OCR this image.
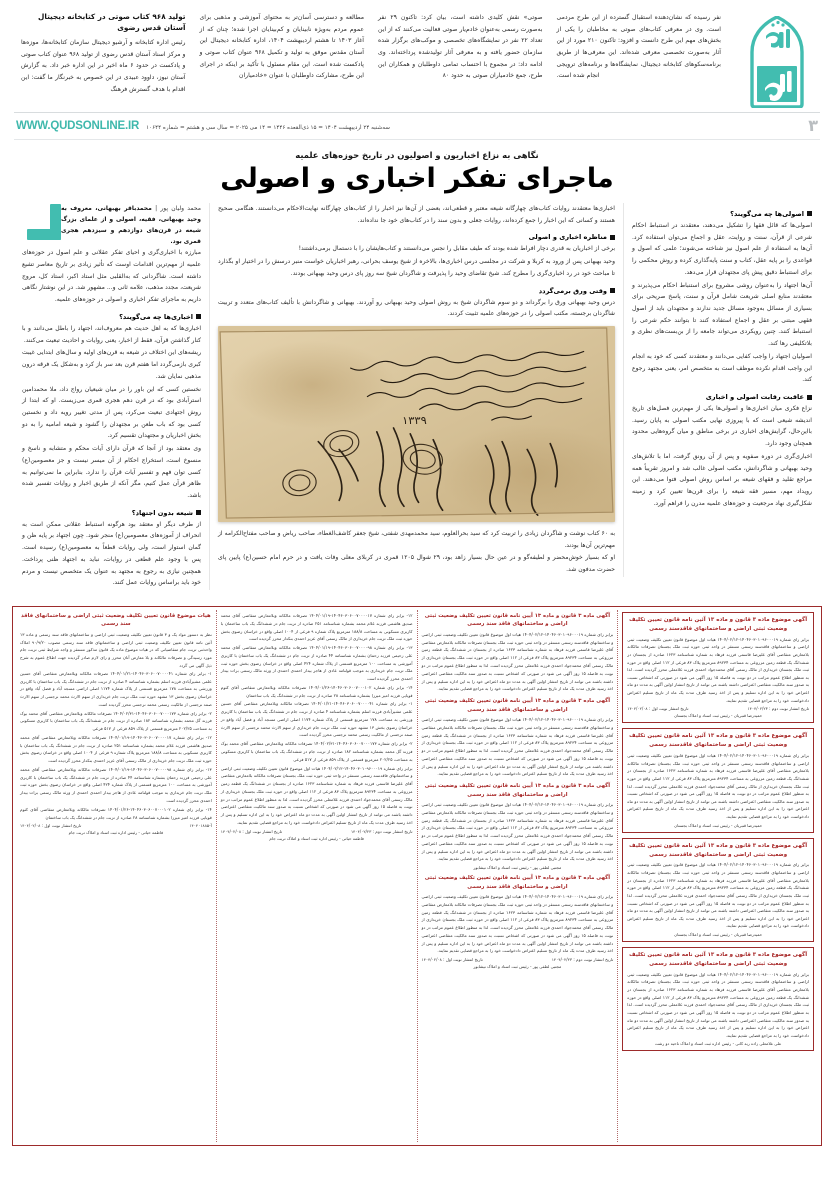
نفر رسیده که نشان‌دهنده استقبال گسترده از این طرح مردمی است. وی در معرفی کتاب‌های صوتی به مخاطبان را یکی از بخش‌های مهم این طرح دانست و افزود: تاکنون ۲۱۰ مورد از این آثار به‌صورت تخصصی معرفی شده‌اند. این معرفی‌ها از طریق برنامه‌سکوهای کتابخانه دیجیتال، نمایشگاه‌ها و برنامه‌های ترویجی انجام شده است.
صوتی» نقش کلیدی داشته است، بیان کرد: تاکنون ۲۹ نفر به‌صورت رسمی به‌عنوان خادم‌یار صوتی فعالیت می‌کنند که از این تعداد ۲۲ نفر در نمایشگاه‌های تخصصی و موکب‌های برگزار شده سازمان حضور یافته و به معرفی آثار تولیدشده پرداخته‌اند. وی ادامه داد: در مجموع با احتساب تمامی داوطلبان و همکاران این طرح، جمع خادمیاران صوتی به حدود ۸۰
مطالعه و دسترسی آسان‌تر به محتوای آموزشی و مذهبی برای عموم مردم به‌ویژه نابینایان و کم‌بینایان اجرا شده؛ چنان که از آغاز ۱۴۰۳ تا هشتم اردیبهشت ۱۴۰۴، اداره کتابخانه دیجیتال این آستان مقدس موفق به تولید و تکمیل ۹۶۸ عنوان کتاب صوتی و پادکست شده است. این مقام مسئول با تأکید بر اینکه در اجرای این طرح، مشارکت داوطلبان با عنوان «خادمیاران
تولید ۹۶۸ کتاب صوتی در کتابخانه دیجیتال آستان قدس رضوی
رئیس اداره کتابخانه و آرشیو دیجیتال سازمان کتابخانه‌ها، موزه‌ها و مرکز اسناد آستان قدس رضوی از تولید ۹۶۸ عنوان کتاب صوتی و پادکست در حدود ۶ ماه اخیر در این اداره خبر داد. به گزارش آستان نیوز، داوود عبیدی در این خصوص به خبرنگار ما گفت: این اقدام با هدف گسترش فرهنگ
۳
WWW.QUDSONLINE.IR سه‌شنبه ۲۴ اردیبهشت ۱۴۰۴ = ۱۵ ذی‌القعده ۱۴۴۶ = ۱۴ می ۲۰۲۵ = سال سی و هشتم = شماره ۱۰۶۴۴
نگاهی به نزاع اخباریون و اصولیون در تاریخ حوزه‌های علمیه
ماجرای تفکر اخباری و اصولی
اصولی‌ها چه می‌گویند؟
اصولی‌ها که قائل فقها را تشکیل می‌دهند، معتقدند در استنباط احکام شرعی از قرآن، سنت و روایت، عقل و اجماع می‌توان استفاده کرد. آن‌ها به استفاده از علم اصول نیز شناخته می‌شوند؛ علمی که اصول و قواعدی را بر پایه عقل، کتاب و سنت پایه‌گذاری کرده و روش محکمی را برای استنباط دقیق پیش پای مجتهدان قرار می‌دهد.
آن‌ها اجتهاد را به‌عنوان روشی مشروع برای استنباط احکام می‌پذیرند و معتقدند منابع اصلی شریعت شامل قرآن و سنت، پاسخ صریحی برای بسیاری از مسائل به‌وجود مسائل جدید ندارند و مجتهدان باید از اصول فقهی مبتنی بر عقل و اجماع استفاده کنند تا بتوانند حکم شرعی را استنباط کنند. چنین رویکردی می‌تواند جامعه را از بن‌بست‌های نظری و بلاتکلیفی رها کند.
اصولیان اجتهاد را واجب کفایی می‌دانند و معتقدند کسی که خود به انجام این واجب اقدام نکرده موظف است به متخصص امر، یعنی مجتهد رجوع کند.
عاقبت رقابت اصولی و اخباری
نزاع فکری میان اخباری‌ها و اصولی‌ها یکی از مهم‌ترین فصل‌های تاریخ اندیشه شیعی است که با پیروزی نهایی مکتب اصولی به پایان رسید. بااین‌حال، گرایش‌های اخباری در برخی مناطق و میان گروه‌هایی محدود همچنان وجود دارد.
اخباری‌گری در دوره صفویه و پس از آن رونق گرفت، اما با تلاش‌های وحید بهبهانی و شاگردانش، مکتب اصولی غالب شد و امروز تقریباً همه مراجع تقلید و فقهای شیعه بر اساس روش اصولی فتوا می‌دهند. این رویداد مهم، مسیر فقه شیعه را برای قرن‌ها تعیین کرد و زمینه شکل‌گیری نهاد مرجعیت و حوزه‌های علمیه مدرن را فراهم آورد.
اخباری‌ها معتقدند روایات کتاب‌های چهارگانه شیعه معتبر و قطعی‌اند، بعضی از آن‌ها نیز اخبار را از کتاب‌های چهارگانه نهایت‌الاحکام می‌دانستند. هنگامی صحیح هستند و کسانی که این اخبار را جمع کرده‌اند، روایات جعلی و بدون سند را در کتاب‌های خود جا نداده‌اند.
مناظره اخباری و اصولی
برخی از اخباریان به قدری دچار افراط شده بودند که طیف مقابل را نجس می‌دانستند و کتاب‌هایشان را با دستمال برمی‌داشتند!
وحید بهبهانی پس از ورود به کربلا و شرکت در مجلسی درس اخباری‌ها، بالاخره از شیخ یوسف بحرانی، رهبر اخباریان خواست منبر درسش را در اختیار او بگذارد تا مباحث خود در رد اخباری‌گری را مطرح کند. شیخ تقاضای وحید را پذیرفت و شاگردان شیخ سه روز پای درس وحید بهبهانی بودند.
وقتی ورق برمی‌گردد
درس وحید بهبهانی ورق را برگرداند و دو سوم شاگردان شیخ به روش اصولی وحید بهبهانی رو آوردند. بهبهانی و شاگردانش با تألیف کتاب‌های متعدد و تربیت شاگردان برجسته، مکتب اصولی را در حوزه‌های علمیه تثبیت کردند.
۱۳۳۹
به ۶۰ کتاب نوشت و شاگردان زیادی را تربیت کرد که سید بحرالعلوم، سید محمدمهدی شفتی، شیخ جعفر کاشف‌الغطاء، صاحب ریاض و صاحب مفتاح‌الکرامه از مهم‌ترین آن‌ها بودند.
او که بسیار خوش‌محضر و لطیفه‌گو و در عین حال بسیار زاهد بود، ۲۹ شوال ۱۲۰۵ قمری در کربلای معلی وفات یافت و در حرم امام حسین(ع) پایین پای حضرت مدفون شد.
محمد ولیان پور | محمدباقر بهبهانی، معروف به وحید بهبهانی، فقیه، اصولی و از علمای بزرگ شیعه در قرن‌های دوازدهم و سیزدهم هجری قمری بود.
مبارزه با اخباری‌گری و احیای تفکر عقلانی و علم اصول در حوزه‌های علمیه از مهم‌ترین اقدامات اوست که تأثیر زیادی بر تاریخ معاصر تشیع داشته است. شاگردانی که به‌القلبی مثل استاد اکبر، استاد کل، مروج شریعت، مجدد مذهب، علامه ثانی و... مشهور شد. در این نوشتار نگاهی داریم به ماجرای تفکر اخباری و اصولی در حوزه‌های علمیه.
اخباری‌ها چه می‌گویند؟
اخباری‌ها که به اهل حدیث هم معروف‌اند، اجتهاد را باطل می‌دانند و با کنار گذاشتن قرآن، فقط از اخبار، یعنی روایات و احادیث تبعیت می‌کنند.
ریشه‌های این اختلاف در شیعه به قرن‌های اولیه و سال‌های ابتدایی غیبت کبری بازمی‌گردد اما هفتم قرن بعد سر باز کرد و به‌شکل یک فرقه درون مذهبی نمایان شد.
نخستین کسی که این باور را در میان شیعیان رواج داد، ملا محمدامین استرآبادی بود که در قرن دهم هجری قمری می‌زیست. او که ابتدا از روش اجتهادی تبعیت می‌کرد، پس از مدتی تغییر رویه داد و نخستین کسی بود که باب طعن بر مجتهدان را گشود و شیعه امامیه را به دو بخش اخباریان و مجتهدان تقسیم کرد.
وی معتقد بود از آنجا که قرآن دارای آیات محکم و متشابه و ناسخ و منسوخ است، استخراج احکام از آن میسر نیست و جز معصومین(ع) کسی توان فهم و تفسیر آیات قرآن را ندارد. بنابراین ما نمی‌توانیم به ظاهر قرآن عمل کنیم، مگر آنکه از طریق اخبار و روایات تفسیر شده باشد.
شیعه بدون اجتهاد؟
از طرف دیگر او معتقد بود هرگونه استنباط عقلانی ممکن است به انحراف از آموزه‌های معصومین(ع) منجر شود. چون اجتهاد بر پایه ظن و گمان استوار است، ولی روایات قطعاً به معصومین(ع) رسیده است. پس با وجود علم قطعی در روایات، نباید به اجتهاد ظنی پرداخت. همچنین نیازی به رجوع به مجتهد به عنوان یک متخصص نیست و مردم خود باید براساس روایات عمل کنند.
آگهی موضوع ماده ۳ قانون و ماده ۱۳ آئین نامه قانون تعیین تکلیف وضعیت ثبتی اراضی و ساختمانهای فاقدسند رسمی
برابر رای شماره ۱۴۰۴۶۰۳۰۱۰۹۶۰۰۰۱۹-۱۴۰۴/۰۲/۱۲ هیات اول موضوع قانون تعیین تکلیف وضعیت ثبتی اراضی و ساختمانهای فاقدسند رسمی مستقر در واحد ثبتی حوزه ثبت ملک بجستان تصرفات مالکانه بلامعارض متقاضی آقای علیرضا قاسمی فرزند فرهاد به شماره شناسنامه ۱۶۲۳ صادره از بجستان در ششدانگ یک قطعه زمین مزروعی به مساحت ۸۹۲۳۴ مترمربع پلاک ۸۳ فرعی از ۱۱۲ اصلی واقع در حوزه ثبت ملک بجستان خریداری از مالک رسمی آقای محمدجواد احمدی فرزند غلامعلی محرز گردیده است. لذا به منظور اطلاع عموم مراتب در دو نوبت به فاصله ۱۵ روز آگهی می شود در صورتی که اشخاص نسبت به صدور سند مالکیت متقاضی اعتراضی داشته باشند می توانند از تاریخ انتشار اولین آگهی به مدت دو ماه اعتراض خود را به این اداره تسلیم و پس از اخذ رسید ظرف مدت یک ماه از تاریخ تسلیم اعتراض دادخواست خود را به مراجع قضایی تقدیم نمایند.
تاریخ انتشار نوبت دوم : ۱۴۰۴/۰۲/۲۳
تاریخ انتشار نوبت اول : ۱۴۰۴/۰۲/۰۸
حمیدرضا قنبریان - رئیس ثبت اسناد و املاک بجستان
آگهی موضوع ماده ۳ قانون و ماده ۱۳ آئین نامه قانون تعیین تکلیف وضعیت ثبتی اراضی و ساختمانهای فاقدسند رسمی
برابر رای شماره ۱۴۰۴۶۰۳۰۱۰۹۶۰۰۰۱۹-۱۴۰۴/۰۲/۱۲ هیات اول موضوع قانون تعیین تکلیف وضعیت ثبتی اراضی و ساختمانهای فاقدسند رسمی مستقر در واحد ثبتی حوزه ثبت ملک بجستان تصرفات مالکانه بلامعارض متقاضی آقای علیرضا قاسمی فرزند فرهاد به شماره شناسنامه ۱۶۲۳ صادره از بجستان در ششدانگ یک قطعه زمین مزروعی به مساحت ۸۹۲۳۴ مترمربع پلاک ۸۳ فرعی از ۱۱۲ اصلی واقع در حوزه ثبت ملک بجستان خریداری از مالک رسمی آقای محمدجواد احمدی فرزند غلامعلی محرز گردیده است. لذا به منظور اطلاع عموم مراتب در دو نوبت به فاصله ۱۵ روز آگهی می شود در صورتی که اشخاص نسبت به صدور سند مالکیت متقاضی اعتراضی داشته باشند می توانند از تاریخ انتشار اولین آگهی به مدت دو ماه اعتراض خود را به این اداره تسلیم و پس از اخذ رسید ظرف مدت یک ماه از تاریخ تسلیم اعتراض دادخواست خود را به مراجع قضایی تقدیم نمایند.
حمیدرضا قنبریان - رئیس ثبت اسناد و املاک بجستان
آگهی موضوع ماده ۳ قانون و ماده ۱۳ آئین نامه قانون تعیین تکلیف وضعیت ثبتی اراضی و ساختمانهای فاقدسند رسمی
برابر رای شماره ۱۴۰۴۶۰۳۰۱۰۹۶۰۰۰۱۹-۱۴۰۴/۰۲/۱۲ هیات اول موضوع قانون تعیین تکلیف وضعیت ثبتی اراضی و ساختمانهای فاقدسند رسمی مستقر در واحد ثبتی حوزه ثبت ملک بجستان تصرفات مالکانه بلامعارض متقاضی آقای علیرضا قاسمی فرزند فرهاد به شماره شناسنامه ۱۶۲۳ صادره از بجستان در ششدانگ یک قطعه زمین مزروعی به مساحت ۸۹۲۳۴ مترمربع پلاک ۸۳ فرعی از ۱۱۲ اصلی واقع در حوزه ثبت ملک بجستان خریداری از مالک رسمی آقای محمدجواد احمدی فرزند غلامعلی محرز گردیده است. لذا به منظور اطلاع عموم مراتب در دو نوبت به فاصله ۱۵ روز آگهی می شود در صورتی که اشخاص نسبت به صدور سند مالکیت متقاضی اعتراضی داشته باشند می توانند از تاریخ انتشار اولین آگهی به مدت دو ماه اعتراض خود را به این اداره تسلیم و پس از اخذ رسید ظرف مدت یک ماه از تاریخ تسلیم اعتراض دادخواست خود را به مراجع قضایی تقدیم نمایند.
حمیدرضا قنبریان - رئیس ثبت اسناد و املاک بجستان
آگهی موضوع ماده ۳ قانون و ماده ۱۳ آئین نامه قانون تعیین تکلیف وضعیت ثبتی اراضی و ساختمانهای فاقدسند رسمی
برابر رای شماره ۱۴۰۴۶۰۳۰۱۰۹۶۰۰۰۱۹-۱۴۰۴/۰۲/۱۲ هیات اول موضوع قانون تعیین تکلیف وضعیت ثبتی اراضی و ساختمانهای فاقدسند رسمی مستقر در واحد ثبتی حوزه ثبت ملک بجستان تصرفات مالکانه بلامعارض متقاضی آقای علیرضا قاسمی فرزند فرهاد به شماره شناسنامه ۱۶۲۳ صادره از بجستان در ششدانگ یک قطعه زمین مزروعی به مساحت ۸۹۲۳۴ مترمربع پلاک ۸۳ فرعی از ۱۱۲ اصلی واقع در حوزه ثبت ملک بجستان خریداری از مالک رسمی آقای محمدجواد احمدی فرزند غلامعلی محرز گردیده است. لذا به منظور اطلاع عموم مراتب در دو نوبت به فاصله ۱۵ روز آگهی می شود در صورتی که اشخاص نسبت به صدور سند مالکیت متقاضی اعتراضی داشته باشند می توانند از تاریخ انتشار اولین آگهی به مدت دو ماه اعتراض خود را به این اداره تسلیم و پس از اخذ رسید ظرف مدت یک ماه از تاریخ تسلیم اعتراض دادخواست خود را به مراجع قضایی تقدیم نمایند.
علی غلامعلی زاده ربه کانی - رئیس اداره ثبت اسناد و املاک ناحیه دو رشت
آگهی ماده ۳ قانون و ماده ۱۳ آیین نامه قانون تعیین تکلیف وضعیت ثبتی اراضی و ساختمانهای فاقد سند رسمی
برابر رای شماره ۱۴۰۴۶۰۳۰۱۰۹۶۰۰۰۱۹-۱۴۰۴/۰۲/۱۲ هیات اول موضوع قانون تعیین تکلیف وضعیت ثبتی اراضی و ساختمانهای فاقدسند رسمی مستقر در واحد ثبتی حوزه ثبت ملک بجستان تصرفات مالکانه بلامعارض متقاضی آقای علیرضا قاسمی فرزند فرهاد به شماره شناسنامه ۱۶۲۳ صادره از بجستان در ششدانگ یک قطعه زمین مزروعی به مساحت ۸۹۲۳۴ مترمربع پلاک ۸۳ فرعی از ۱۱۲ اصلی واقع در حوزه ثبت ملک بجستان خریداری از مالک رسمی آقای محمدجواد احمدی فرزند غلامعلی محرز گردیده است. لذا به منظور اطلاع عموم مراتب در دو نوبت به فاصله ۱۵ روز آگهی می شود در صورتی که اشخاص نسبت به صدور سند مالکیت متقاضی اعتراضی داشته باشند می توانند از تاریخ انتشار اولین آگهی به مدت دو ماه اعتراض خود را به این اداره تسلیم و پس از اخذ رسید ظرف مدت یک ماه از تاریخ تسلیم اعتراض دادخواست خود را به مراجع قضایی تقدیم نمایند.
آگهی ماده ۳ قانون و ماده ۱۳ آیین نامه قانون تعیین تکلیف وضعیت ثبتی اراضی و ساختمانهای فاقد سند رسمی
برابر رای شماره ۱۴۰۴۶۰۳۰۱۰۹۶۰۰۰۱۹-۱۴۰۴/۰۲/۱۲ هیات اول موضوع قانون تعیین تکلیف وضعیت ثبتی اراضی و ساختمانهای فاقدسند رسمی مستقر در واحد ثبتی حوزه ثبت ملک بجستان تصرفات مالکانه بلامعارض متقاضی آقای علیرضا قاسمی فرزند فرهاد به شماره شناسنامه ۱۶۲۳ صادره از بجستان در ششدانگ یک قطعه زمین مزروعی به مساحت ۸۹۲۳۴ مترمربع پلاک ۸۳ فرعی از ۱۱۲ اصلی واقع در حوزه ثبت ملک بجستان خریداری از مالک رسمی آقای محمدجواد احمدی فرزند غلامعلی محرز گردیده است. لذا به منظور اطلاع عموم مراتب در دو نوبت به فاصله ۱۵ روز آگهی می شود در صورتی که اشخاص نسبت به صدور سند مالکیت متقاضی اعتراضی داشته باشند می توانند از تاریخ انتشار اولین آگهی به مدت دو ماه اعتراض خود را به این اداره تسلیم و پس از اخذ رسید ظرف مدت یک ماه از تاریخ تسلیم اعتراض دادخواست خود را به مراجع قضایی تقدیم نمایند.
آگهی ماده ۳ قانون و ماده ۱۳ آیین نامه قانون تعیین تکلیف وضعیت ثبتی اراضی و ساختمانهای فاقد سند رسمی
برابر رای شماره ۱۴۰۴۶۰۳۰۱۰۹۶۰۰۰۱۹-۱۴۰۴/۰۲/۱۲ هیات اول موضوع قانون تعیین تکلیف وضعیت ثبتی اراضی و ساختمانهای فاقدسند رسمی مستقر در واحد ثبتی حوزه ثبت ملک بجستان تصرفات مالکانه بلامعارض متقاضی آقای علیرضا قاسمی فرزند فرهاد به شماره شناسنامه ۱۶۲۳ صادره از بجستان در ششدانگ یک قطعه زمین مزروعی به مساحت ۸۹۲۳۴ مترمربع پلاک ۸۳ فرعی از ۱۱۲ اصلی واقع در حوزه ثبت ملک بجستان خریداری از مالک رسمی آقای محمدجواد احمدی فرزند غلامعلی محرز گردیده است. لذا به منظور اطلاع عموم مراتب در دو نوبت به فاصله ۱۵ روز آگهی می شود در صورتی که اشخاص نسبت به صدور سند مالکیت متقاضی اعتراضی داشته باشند می توانند از تاریخ انتشار اولین آگهی به مدت دو ماه اعتراض خود را به این اداره تسلیم و پس از اخذ رسید ظرف مدت یک ماه از تاریخ تسلیم اعتراض دادخواست خود را به مراجع قضایی تقدیم نمایند.
مجتبی لطفی پور - رئیس ثبت اسناد و املاک نیشابور
آگهی ماده ۳ قانون و ماده ۱۳ آیین نامه قانون تعیین تکلیف وضعیت ثبتی اراضی و ساختمانهای فاقد سند رسمی
برابر رای شماره ۱۴۰۴۶۰۳۰۱۰۹۶۰۰۰۱۹-۱۴۰۴/۰۲/۱۲ هیات اول موضوع قانون تعیین تکلیف وضعیت ثبتی اراضی و ساختمانهای فاقدسند رسمی مستقر در واحد ثبتی حوزه ثبت ملک بجستان تصرفات مالکانه بلامعارض متقاضی آقای علیرضا قاسمی فرزند فرهاد به شماره شناسنامه ۱۶۲۳ صادره از بجستان در ششدانگ یک قطعه زمین مزروعی به مساحت ۸۹۲۳۴ مترمربع پلاک ۸۳ فرعی از ۱۱۲ اصلی واقع در حوزه ثبت ملک بجستان خریداری از مالک رسمی آقای محمدجواد احمدی فرزند غلامعلی محرز گردیده است. لذا به منظور اطلاع عموم مراتب در دو نوبت به فاصله ۱۵ روز آگهی می شود در صورتی که اشخاص نسبت به صدور سند مالکیت متقاضی اعتراضی داشته باشند می توانند از تاریخ انتشار اولین آگهی به مدت دو ماه اعتراض خود را به این اداره تسلیم و پس از اخذ رسید ظرف مدت یک ماه از تاریخ تسلیم اعتراض دادخواست خود را به مراجع قضایی تقدیم نمایند.
تاریخ انتشار نوبت دوم : ۱۴۰۴/۰۲/۲۳
تاریخ انتشار نوبت اول : ۱۴۰۴/۰۲/۰۸
مجتبی لطفی پور - رئیس ثبت اسناد و املاک نیشابور
۱۲- برابر رای شماره ۱۴۰۴۶۰۳۰۶۰۰۷۰۰۰۰۱۷-۱۴۰۴/۰۱/۱۹ تصرفات مالکانه وبلامعارض متقاضی آقای محمد صدیق هاشمی فرزند غلام محمد بشماره شناسنامه ۲۵۱ صادره از تربت جام در ششدانگ یک باب ساختمان با کاربری مسکونی به مساحت ۱۸۸/۸ مترمربع پلاک شماره ۹ فرعی از ۱۰۰۴ اصلی واقع در خراسان رضوی بخش حوزه ثبت ملک تربت جام خریداری از مالک رسمی آقای عزیز احمدی بنکدار محرز گردیده است
۱۳- برابر رای شماره ۱۴۰۴۶۰۳۰۶۰۰۷۰۰۰۰۹۸-۱۴۰۴/۰۱/۱۹ تصرفات مالکانه وبلامعارض متقاضی آقای محمد علی رحیمی فرزند رحمان بشماره شناسنامه ۴۴ صادره از تربت جام در ششدانگ یک باب ساختمان با کاربری آموزشی به مساحت ۱۰۰ مترمربع قسمتی از پلاک شماره ۴۲۴ اصلی واقع در خراسان رضوی بخش حوزه ثبت ملک تربت جام خریداری به موجب قولنامه عادی از هاجر بیدار احمدی احمدی از ورثه مالک رسمی برات بیدار احمدی محرز گردیده است
۱۴- برابر رای شماره ۱۴۰۴۶۰۳۰۶۰۰۷۰۰۰۱۰۲-۱۴۰۴/۰۱/۲۶ تصرفات مالکانه وبلامعارض متقاضی آقای کثوم قویایی فرزند امیر میرزا بشماره شناسنامه ۲۸ صادره از تربت جام در ششدانگ یک باب ساختمان
۱- برابر رای شماره ۱۴۰۴۶۰۳۰۶۰۰۷۰۰۰۰۴۱-۱۴۰۴/۰۱/۲۱ تصرفات مالکانه وبلامعارض متقاضی آقای حسین علمی مشیرآبادی فرزند اسلم بشماره شناسنامه ۴ صادره از تربت جام در ششدانگ یک باب ساختمان با کاربری ورزشی به مساحت ۱۷۸ مترمربع قسمتی از پلاک شماره ۱۱۷۴ اصلی اراضی مسجد آباد و فضل آباد واقع در خراسان رضوی بخش ۱۳ مشهد حوزه ثبت ملک تربت جام خریداری از سهم الارث محمد نرجسی از سهم الارث صمد نرجسی از مالکیت رسمی محمد نرجسی محرز گردیده است
۲- برابر رای شماره ۱۴۰۴۶۰۳۰۶۰۰۷۰۰۰۱۷۳-۱۴۰۴/۰۲/۳۱ تصرفات مالکانه وبلامعارض متقاضی آقای محمد بوک فرزند گل محمد بشماره شناسنامه ۱۸۲ صادره از تربت جام در ششدانگ یک باب ساختمان با کاربری مسکونی به مساحت ۲۰۲/۲۵ مترمربع قسمتی از پلاک ۸۵۹ فرعی از ۵۱۷ فرعی
برابر رای شماره ۱۴۰۴۶۰۳۰۱۰۹۶۰۰۰۱۹-۱۴۰۴/۰۲/۱۲ هیات اول موضوع قانون تعیین تکلیف وضعیت ثبتی اراضی و ساختمانهای فاقدسند رسمی مستقر در واحد ثبتی حوزه ثبت ملک بجستان تصرفات مالکانه بلامعارض متقاضی آقای علیرضا قاسمی فرزند فرهاد به شماره شناسنامه ۱۶۲۳ صادره از بجستان در ششدانگ یک قطعه زمین مزروعی به مساحت ۸۹۲۳۴ مترمربع پلاک ۸۳ فرعی از ۱۱۲ اصلی واقع در حوزه ثبت ملک بجستان خریداری از مالک رسمی آقای محمدجواد احمدی فرزند غلامعلی محرز گردیده است. لذا به منظور اطلاع عموم مراتب در دو نوبت به فاصله ۱۵ روز آگهی می شود در صورتی که اشخاص نسبت به صدور سند مالکیت متقاضی اعتراضی داشته باشند می توانند از تاریخ انتشار اولین آگهی به مدت دو ماه اعتراض خود را به این اداره تسلیم و پس از اخذ رسید ظرف مدت یک ماه از تاریخ تسلیم اعتراض دادخواست خود را به مراجع قضایی تقدیم نمایند.
تاریخ انتشار نوبت دوم : ۱۴۰۴/۰۲/۲۳
تاریخ انتشار نوبت اول : ۱۴۰۴/۰۲/۰۸
فاطمه حیاتی - رئیس اداره ثبت اسناد و املاک تربت جام
هیات موضوع قانون تعیین تکلیف وضعیت ثبتی اراضی و ساختمانهای فاقد سند رسمی
نظر به دستور مواد یک و ۳ قانون تعیین تکلیف وضعیت ثبتی اراضی و ساختمانهای فاقد سند رسمی و ماده ۱۳ آئین نامه قانون تعیین تکلیف وضعیت ثبتی اراضی و ساختمانهای فاقد سند رسمی مصوب ۹۰/۹/۲۰ املاک واحدثنی تربت جام متقاضیانی که در هیات موضوع ماده یک قانون مذکور مستقر و واجد شرایط ثبتی تربت جام مورد رسیدگی و تصرفات مالکانه و بلا معارض آنان محرز و رای لازم صادر گردیده جهت اطلاع عموم به شرح ذیل آگهی می گردد
۱- برابر رای شماره ۱۴۰۴۶۰۳۰۶۰۰۷۰۰۰۰۴۱-۱۴۰۴/۰۱/۲۱ تصرفات مالکانه وبلامعارض متقاضی آقای حسین علمی مشیرآبادی فرزند اسلم بشماره شناسنامه ۴ صادره از تربت جام در ششدانگ یک باب ساختمان با کاربری ورزشی به مساحت ۱۷۸ مترمربع قسمتی از پلاک شماره ۱۱۷۴ اصلی اراضی مسجد آباد و فضل آباد واقع در خراسان رضوی بخش ۱۳ مشهد حوزه ثبت ملک تربت جام خریداری از سهم الارث محمد نرجسی از سهم الارث صمد نرجسی از مالکیت رسمی محمد نرجسی محرز گردیده است
۲- برابر رای شماره ۱۴۰۴۶۰۳۰۶۰۰۷۰۰۰۱۷۳-۱۴۰۴/۰۲/۳۱ تصرفات مالکانه وبلامعارض متقاضی آقای محمد بوک فرزند گل محمد بشماره شناسنامه ۱۸۲ صادره از تربت جام در ششدانگ یک باب ساختمان با کاربری مسکونی به مساحت ۲۰۲/۲۵ مترمربع قسمتی از پلاک ۸۵۹ فرعی از ۵۱۷ فرعی
۱۲- برابر رای شماره ۱۴۰۴۶۰۳۰۶۰۰۷۰۰۰۰۱۷-۱۴۰۴/۰۱/۱۹ تصرفات مالکانه وبلامعارض متقاضی آقای محمد صدیق هاشمی فرزند غلام محمد بشماره شناسنامه ۲۵۱ صادره از تربت جام در ششدانگ یک باب ساختمان با کاربری مسکونی به مساحت ۱۸۸/۸ مترمربع پلاک شماره ۹ فرعی از ۱۰۰۴ اصلی واقع در خراسان رضوی بخش حوزه ثبت ملک تربت جام خریداری از مالک رسمی آقای عزیز احمدی بنکدار محرز گردیده است
۱۳- برابر رای شماره ۱۴۰۴۶۰۳۰۶۰۰۷۰۰۰۰۹۸-۱۴۰۴/۰۱/۱۹ تصرفات مالکانه وبلامعارض متقاضی آقای محمد علی رحیمی فرزند رحمان بشماره شناسنامه ۴۴ صادره از تربت جام در ششدانگ یک باب ساختمان با کاربری آموزشی به مساحت ۱۰۰ مترمربع قسمتی از پلاک شماره ۴۲۴ اصلی واقع در خراسان رضوی بخش حوزه ثبت ملک تربت جام خریداری به موجب قولنامه عادی از هاجر بیدار احمدی احمدی از ورثه مالک رسمی برات بیدار احمدی محرز گردیده است
۱۴- برابر رای شماره ۱۴۰۴۶۰۳۰۶۰۰۷۰۰۰۱۰۲-۱۴۰۴/۰۱/۲۶ تصرفات مالکانه وبلامعارض متقاضی آقای کثوم قویایی فرزند امیر میرزا بشماره شناسنامه ۲۸ صادره از تربت جام در ششدانگ یک باب ساختمان
آ-۱۴۰۴۰۱۸۸۵
تاریخ انتشار نوبت اول : ۱۴۰۴/۰۲/۰۸
فاطمه حیاتی - رئیس اداره ثبت اسناد و املاک تربت جام
